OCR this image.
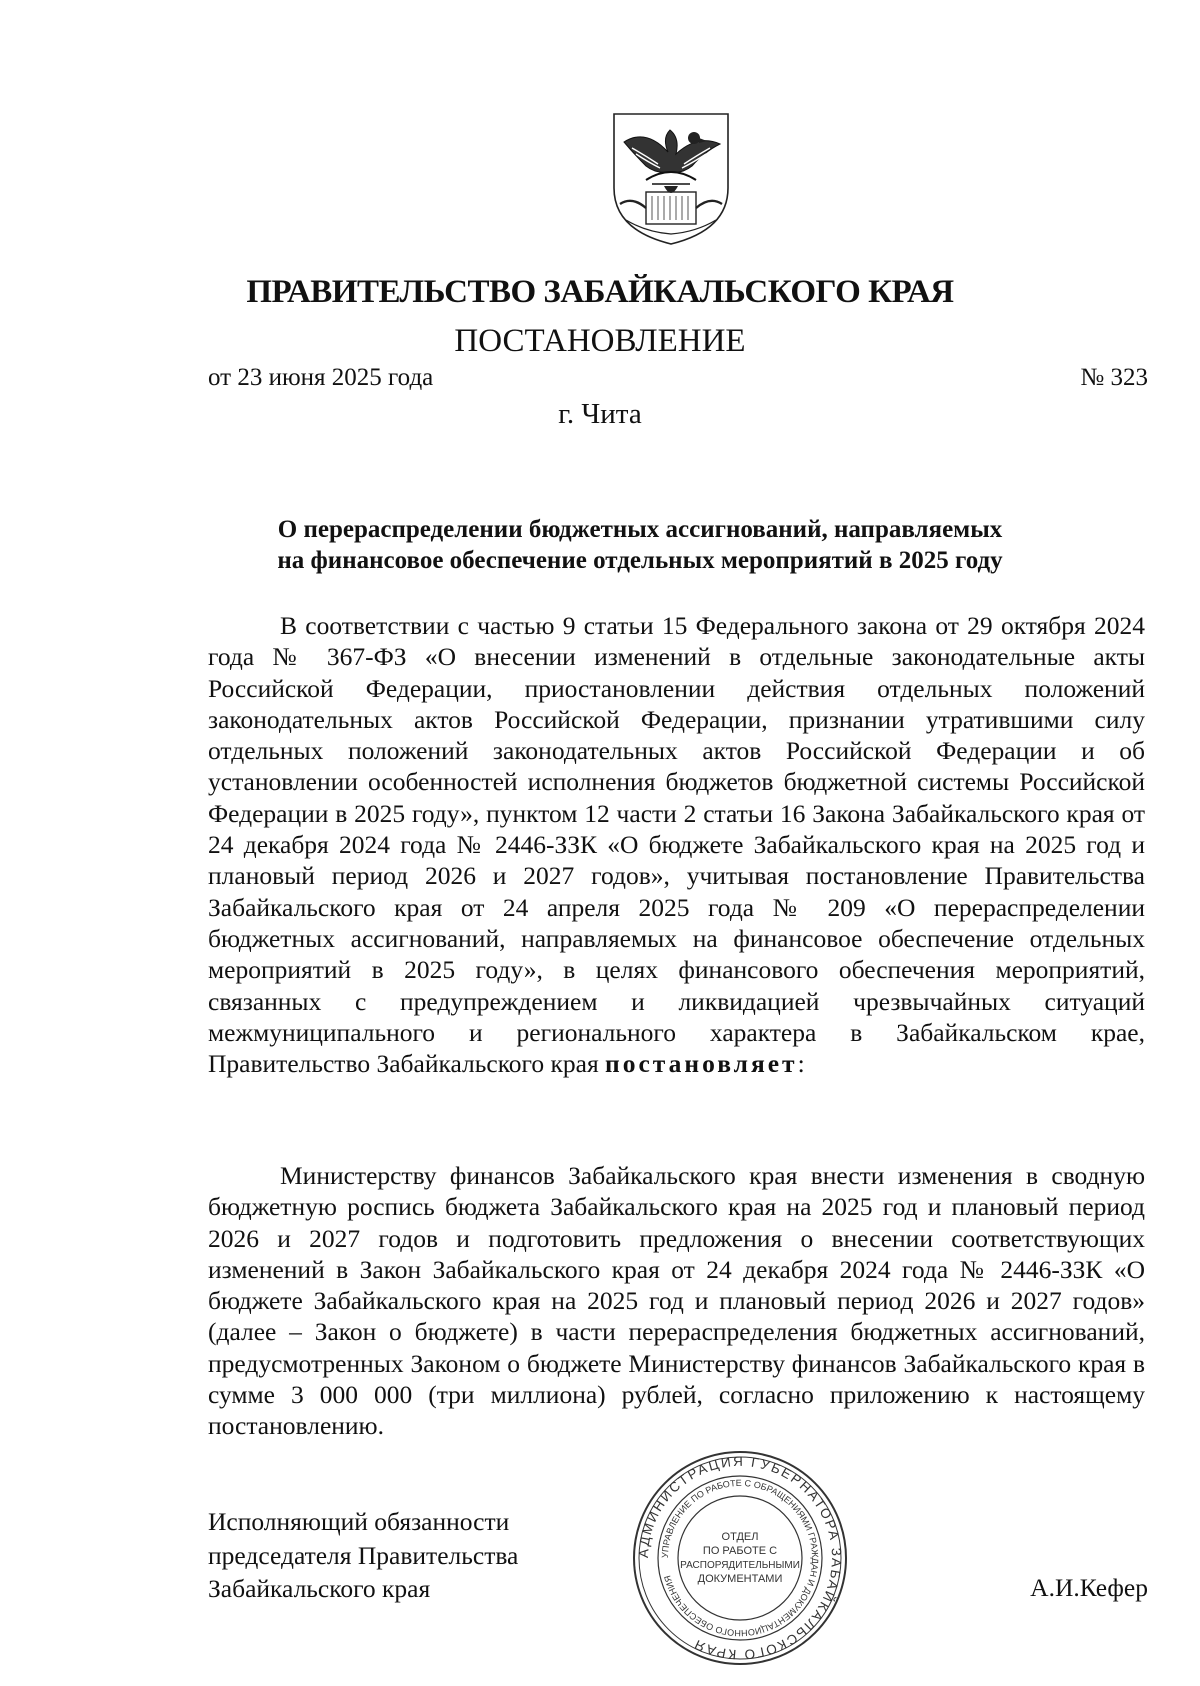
ПРАВИТЕЛЬСТВО ЗАБАЙКАЛЬСКОГО КРАЯ
ПОСТАНОВЛЕНИЕ
от 23 июня 2025 года	№ 323
г. Чита
О перераспределении бюджетных ассигнований, направляемых
на финансовое обеспечение отдельных мероприятий в 2025 году

В соответствии с частью 9 статьи 15 Федерального закона от 29 октября 2024 года № 367-ФЗ «О внесении изменений в отдельные законодательные акты Российской Федерации, приостановлении действия отдельных положений законодательных актов Российской Федерации, признании утратившими силу отдельных положений законодательных актов Российской Федерации и об установлении особенностей исполнения бюджетов бюджетной системы Российской Федерации в 2025 году», пунктом 12 части 2 статьи 16 Закона Забайкальского края от 24 декабря 2024 года № 2446-ЗЗК «О бюджете Забайкальского края на 2025 год и плановый период 2026 и 2027 годов», учитывая постановление Правительства Забайкальского края от 24 апреля 2025 года № 209 «О перераспределении бюджетных ассигнований, направляемых на финансовое обеспечение отдельных мероприятий в 2025 году», в целях финансового обеспечения мероприятий, связанных с предупреждением и ликвидацией чрезвычайных ситуаций межмуниципального и регионального характера в Забайкальском крае, Правительство Забайкальского края постановляет:

Министерству финансов Забайкальского края внести изменения в сводную бюджетную роспись бюджета Забайкальского края на 2025 год и плановый период 2026 и 2027 годов и подготовить предложения о внесении соответствующих изменений в Закон Забайкальского края от 24 декабря 2024 года № 2446-ЗЗК «О бюджете Забайкальского края на 2025 год и плановый период 2026 и 2027 годов» (далее – Закон о бюджете) в части перераспределения бюджетных ассигнований, предусмотренных Законом о бюджете Министерству финансов Забайкальского края в сумме 3 000 000 (три миллиона) рублей, согласно приложению к настоящему постановлению.

Исполняющий обязанности
председателя Правительства
Забайкальского края	А.И.Кефер
АДМИНИСТРАЦИЯ ГУБЕРНАТОРА ЗАБАЙКАЛЬСКОГО КРАЯ
УПРАВЛЕНИЕ ПО РАБОТЕ С ОБРАЩЕНИЯМИ ГРАЖДАН И ДОКУМЕНТАЦИОННОГО ОБЕСПЕЧЕНИЯ
ОТДЕЛ
ПО РАБОТЕ С
РАСПОРЯДИТЕЛЬНЫМИ
ДОКУМЕНТАМИ
